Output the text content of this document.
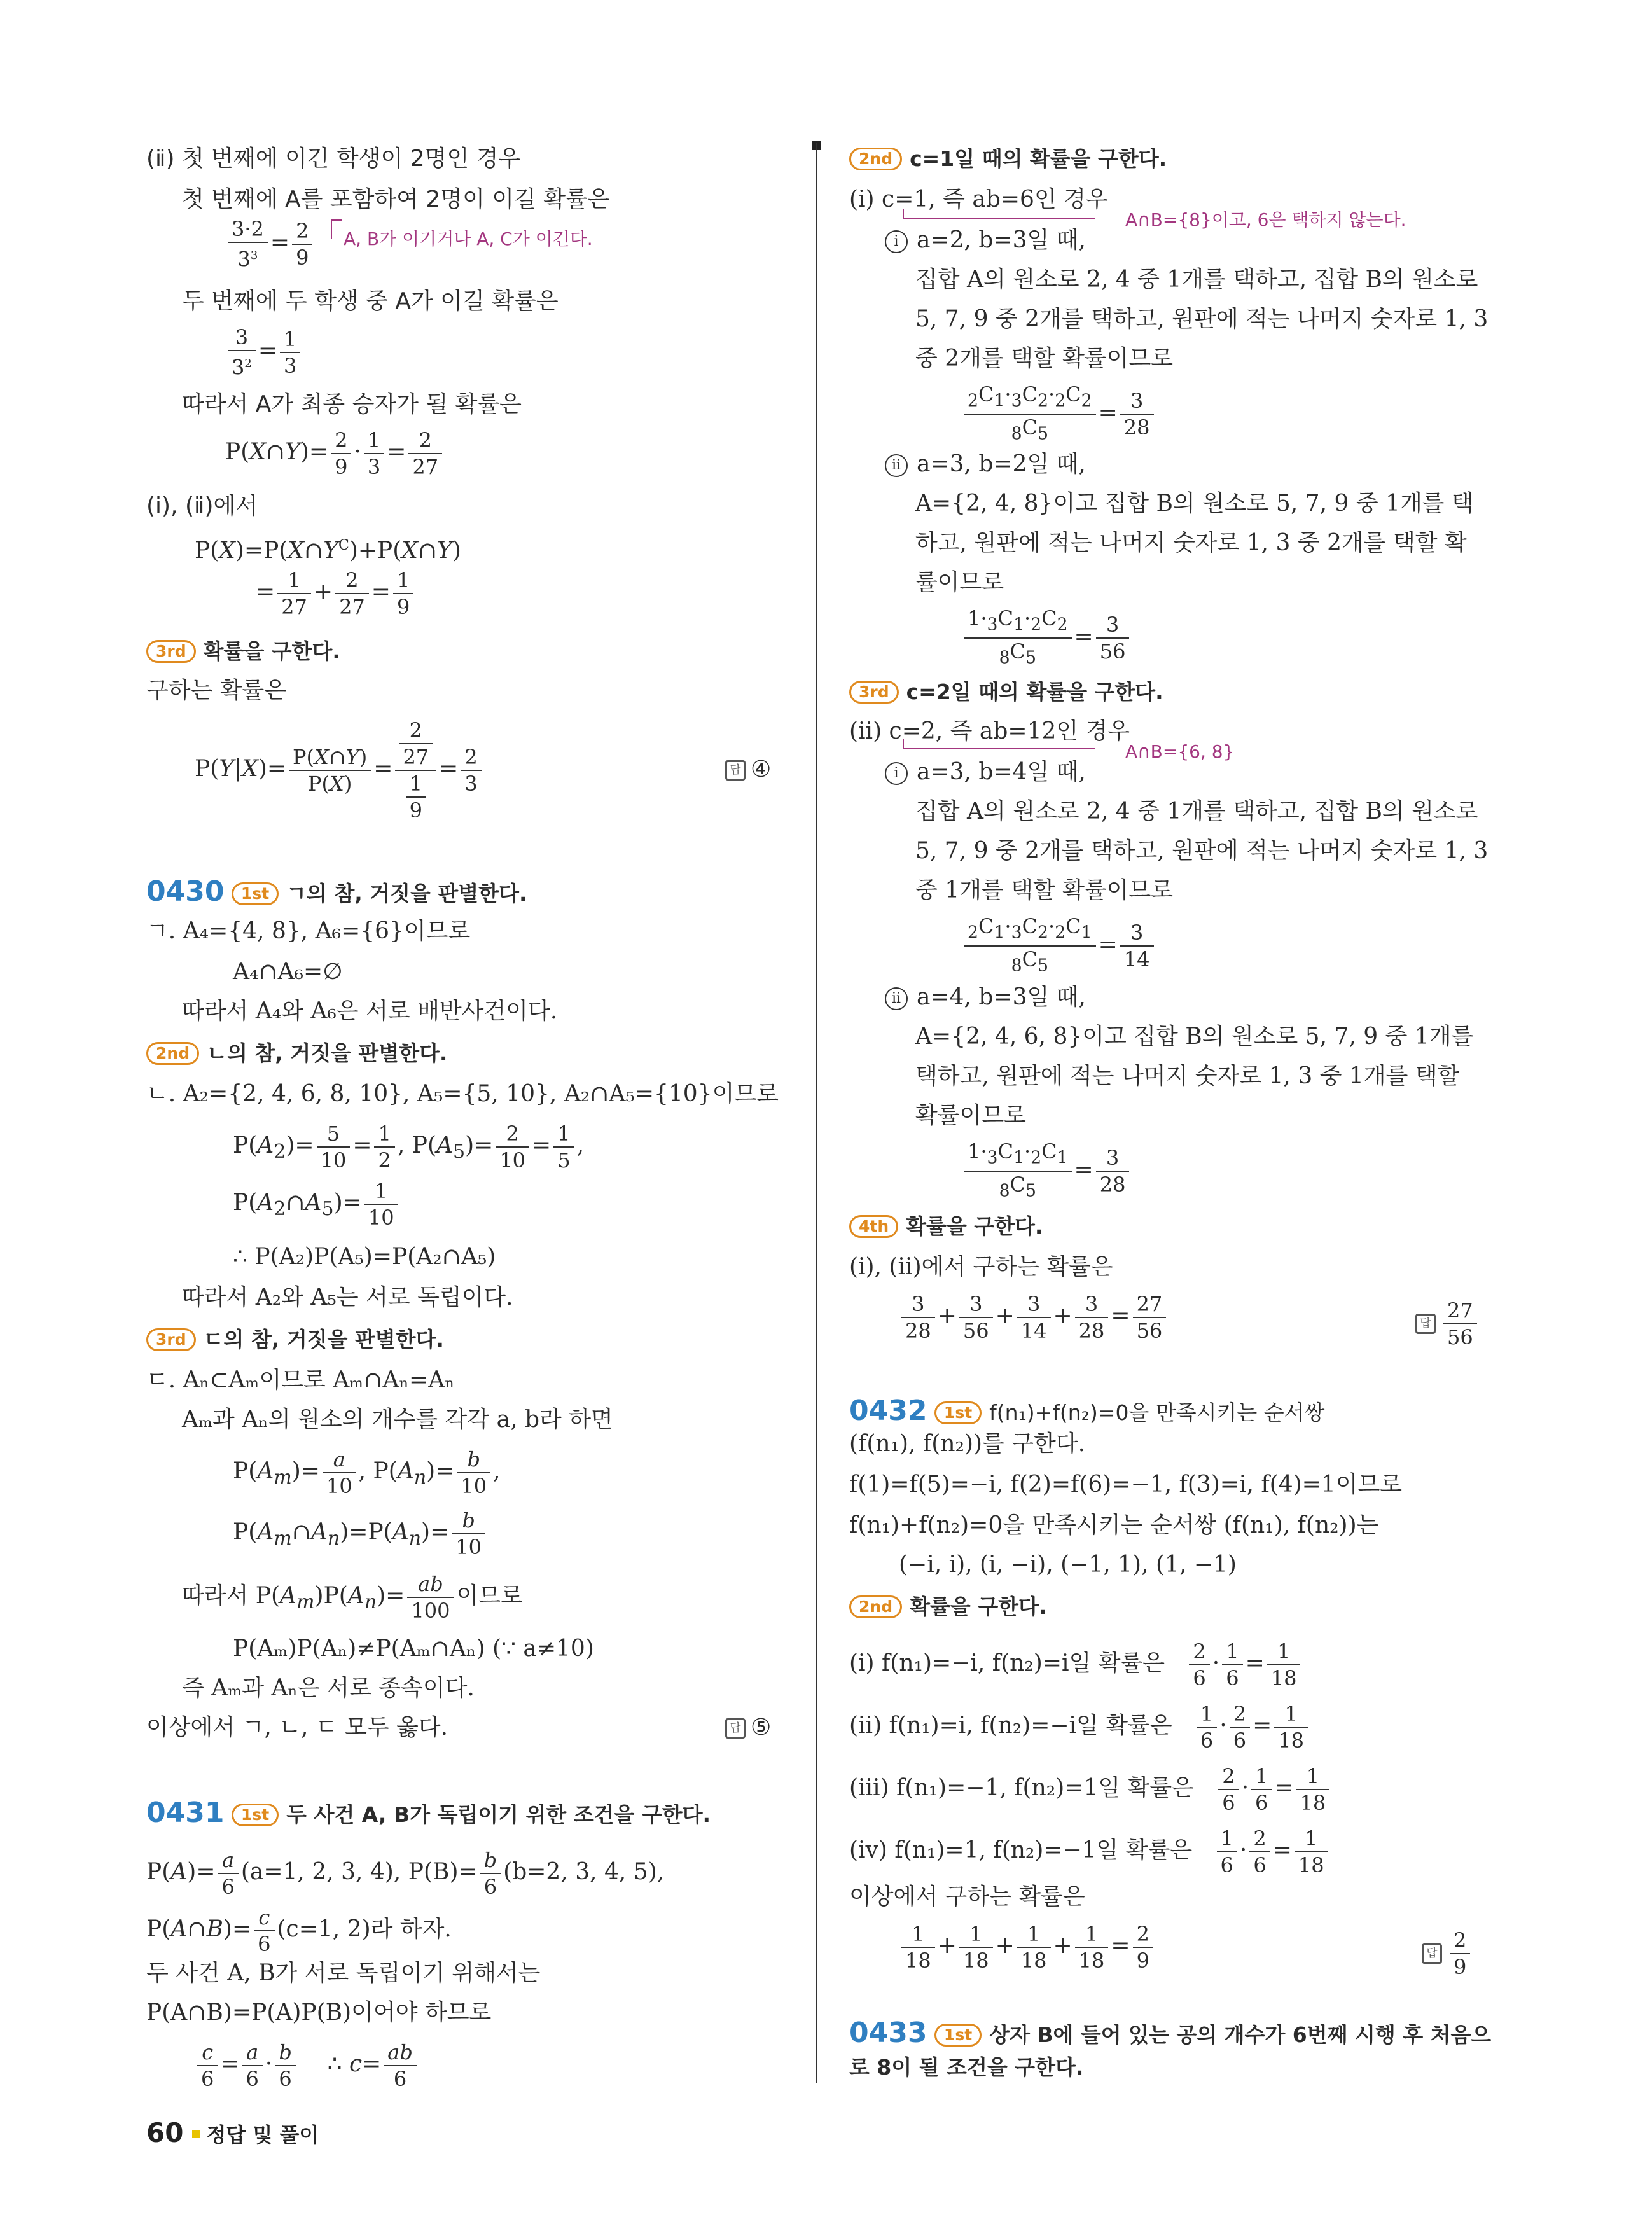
(ⅱ) 첫 번째에 이긴 학생이 2명인 경우
첫 번째에 A를 포함하여 2명이 이길 확률은
$\frac{3\cdot 2}{3^3} = \frac{2}{9} A$, B가 이기거나 A, C가 이긴다.
두 번째에 두 학생 중 A가 이길 확률은
$\frac{3}{3^2} = \frac{1}{3}$
따라서 A가 최종 승자가 될 확률은
P(X∩Y)= $\frac{2}{9} \cdot \frac{1}{3} = \frac{2}{27}$
(ⅰ), (ⅱ)에서
$P(X)=P(X\cap Y^C)+P(X\cap Y)$
= $\frac{1}{27} + \frac{2}{27} = \frac{1}{9}$
3rd 확률을 구한다.
구하는 확률은
$P(Y|X)= \frac{P(X\cap Y)}{P(X)} = \frac{\frac{2}{27}}{\frac{1}{9}} = \frac{2}{3}$	답 ④
0430 1st ㄱ의 참, 거짓을 판별한다.
ㄱ. A₄={4, 8}, A₆={6}이므로
A₄∩A₆=∅
따라서 A₄와 A₆은 서로 배반사건이다.
2nd ㄴ의 참, 거짓을 판별한다.
ㄴ. A₂={2, 4, 6, 8, 10}, A₅={5, 10}, A₂∩A₅={10}이므로
$P(A_2)= \frac{5}{10} = \frac{1}{2}$ , $P(A_5)= \frac{2}{10} = \frac{1}{5}$ ,
$P(A_2\cap A_5)= \frac{1}{10}$
∴ P(A₂)P(A₅)=P(A₂∩A₅)
따라서 A₂와 A₅는 서로 독립이다.
3rd ㄷ의 참, 거짓을 판별한다.
ㄷ. Aₙ⊂Aₘ이므로 Aₘ∩Aₙ=Aₙ
Aₘ과 Aₙ의 원소의 개수를 각각 a, b라 하면
$P(A_m)= \frac{a}{10}$ , $P(A_n)= \frac{b}{10}$ ,
$P(A_m\cap A_n)=P(A_n)= \frac{b}{10}$
따라서 $P(A_m)P(A_n)= \frac{ab}{100}$ 이므로
P(Aₘ)P(Aₙ)≠P(Aₘ∩Aₙ) (∵ a≠10)
즉 Aₘ과 Aₙ은 서로 종속이다.
이상에서 ㄱ, ㄴ, ㄷ 모두 옳다.	답 ⑤
0431 1st 두 사건 A, B가 독립이기 위한 조건을 구한다.
$P(A)= \frac{a}{6} (a=1$, 2, 3, 4), $P(B)= \frac{b}{6} (b=2$, 3, 4, 5),
P(A∩B)= $\frac{c}{6} (c=1$, 2)라 하자.
두 사건 A, B가 서로 독립이기 위해서는
P(A∩B)=P(A)P(B)이어야 하므로
$\frac{c}{6} = \frac{a}{6} \cdot \frac{b}{6}$ ∴ $c= \frac{ab}{6}$
2nd c=1일 때의 확률을 구한다.
(ⅰ) c=1, 즉 ab=6인 경우
A∩B={8}이고, 6은 택하지 않는다.
i a=2, b=3일 때,
집합 A의 원소로 2, 4 중 1개를 택하고, 집합 B의 원소로
5, 7, 9 중 2개를 택하고, 원판에 적는 나머지 숫자로 1, 3
중 2개를 택할 확률이므로
$\frac{_2C_1\cdot_3C_2\cdot_2C_2}{_8C_5} = \frac{3}{28}$
ii a=3, b=2일 때,
A={2, 4, 8}이고 집합 B의 원소로 5, 7, 9 중 1개를 택
하고, 원판에 적는 나머지 숫자로 1, 3 중 2개를 택할 확
률이므로
$\frac{1\cdot_3C_1\cdot_2C_2}{_8C_5} = \frac{3}{56}$
3rd c=2일 때의 확률을 구한다.
(ⅱ) c=2, 즉 ab=12인 경우
A∩B={6, 8}
i a=3, b=4일 때,
집합 A의 원소로 2, 4 중 1개를 택하고, 집합 B의 원소로
5, 7, 9 중 2개를 택하고, 원판에 적는 나머지 숫자로 1, 3
중 1개를 택할 확률이므로
$\frac{_2C_1\cdot_3C_2\cdot_2C_1}{_8C_5} = \frac{3}{14}$
ii a=4, b=3일 때,
A={2, 4, 6, 8}이고 집합 B의 원소로 5, 7, 9 중 1개를
택하고, 원판에 적는 나머지 숫자로 1, 3 중 1개를 택할
확률이므로
$\frac{1\cdot_3C_1\cdot_2C_1}{_8C_5} = \frac{3}{28}$
4th 확률을 구한다.
(ⅰ), (ⅱ)에서 구하는 확률은
$\frac{3}{28} + \frac{3}{56} + \frac{3}{14} + \frac{3}{28} = \frac{27}{56}$	답 $\frac{27}{56}$
0432 1st f(n₁)+f(n₂)=0을 만족시키는 순서쌍
(f(n₁), f(n₂))를 구한다.
f(1)=f(5)=−i, f(2)=f(6)=−1, f(3)=i, f(4)=1이므로
f(n₁)+f(n₂)=0을 만족시키는 순서쌍 (f(n₁), f(n₂))는
(−i, i), (i, −i), (−1, 1), (1, −1)
2nd 확률을 구한다.
(ⅰ) f(n₁)=−i, f(n₂)=i일 확률은 $\frac{2}{6} \cdot \frac{1}{6} = \frac{1}{18}$
(ⅱ) f(n₁)=i, f(n₂)=−i일 확률은 $\frac{1}{6} \cdot \frac{2}{6} = \frac{1}{18}$
(ⅲ) f(n₁)=−1, f(n₂)=1일 확률은 $\frac{2}{6} \cdot \frac{1}{6} = \frac{1}{18}$
(ⅳ) f(n₁)=1, f(n₂)=−1일 확률은 $\frac{1}{6} \cdot \frac{2}{6} = \frac{1}{18}$
이상에서 구하는 확률은
$\frac{1}{18} + \frac{1}{18} + \frac{1}{18} + \frac{1}{18} = \frac{2}{9}$	답 $\frac{2}{9}$
0433 1st 상자 B에 들어 있는 공의 개수가 6번째 시행 후 처음으
로 8이 될 조건을 구한다.
60 정답 및 풀이
